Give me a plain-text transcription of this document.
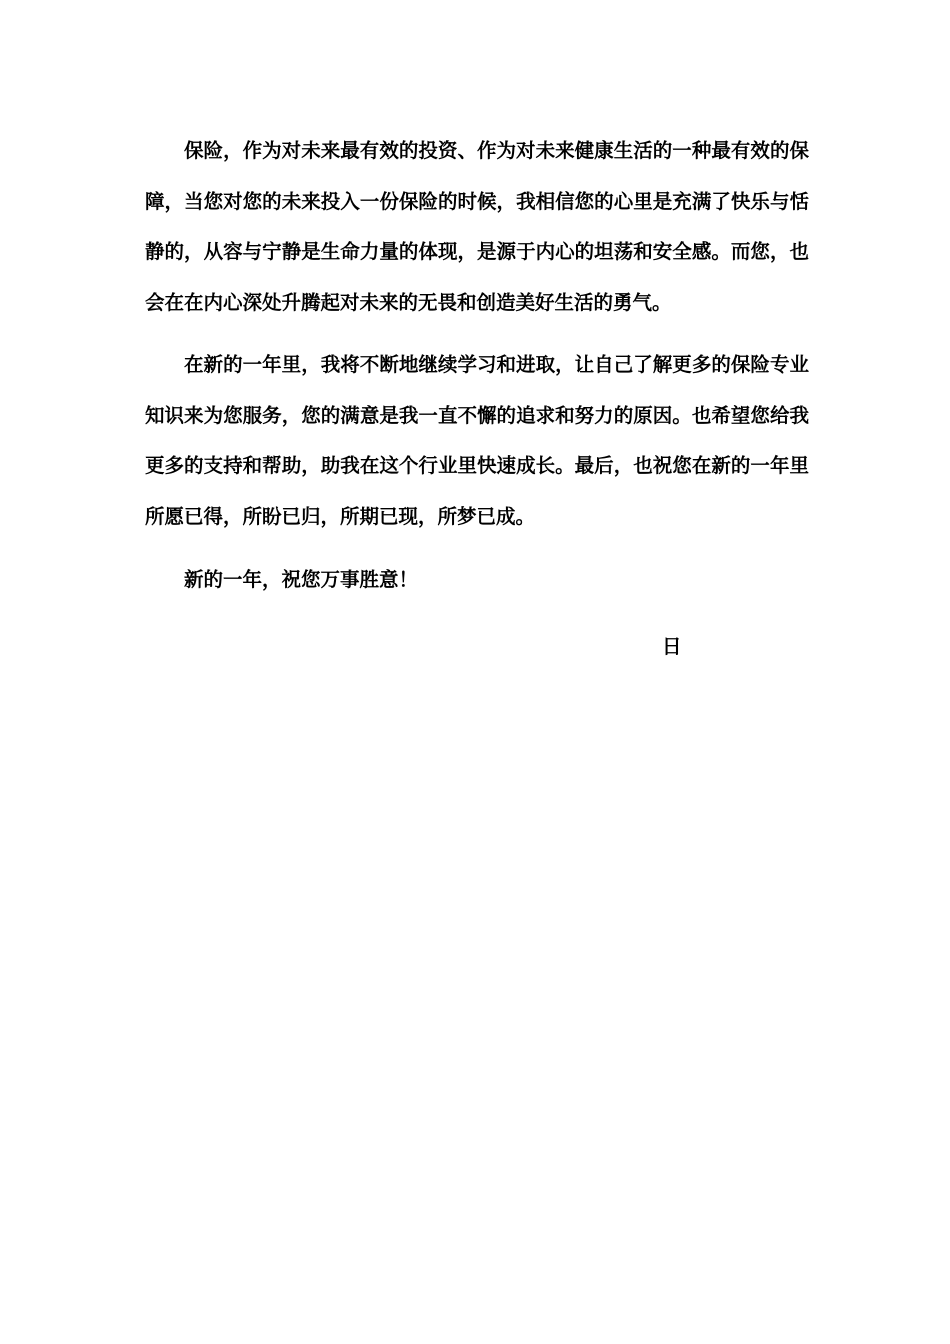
保险，作为对未来最有效的投资、作为对未来健康生活的一种最有效的保障，当您对您的未来投入一份保险的时候，我相信您的心里是充满了快乐与恬静的，从容与宁静是生命力量的体现，是源于内心的坦荡和安全感。而您，也会在在内心深处升腾起对未来的无畏和创造美好生活的勇气。

在新的一年里，我将不断地继续学习和进取，让自己了解更多的保险专业知识来为您服务，您的满意是我一直不懈的追求和努力的原因。也希望您给我更多的支持和帮助，助我在这个行业里快速成长。最后，也祝您在新的一年里所愿已得，所盼已归，所期已现，所梦已成。

新的一年，祝您万事胜意！

日
